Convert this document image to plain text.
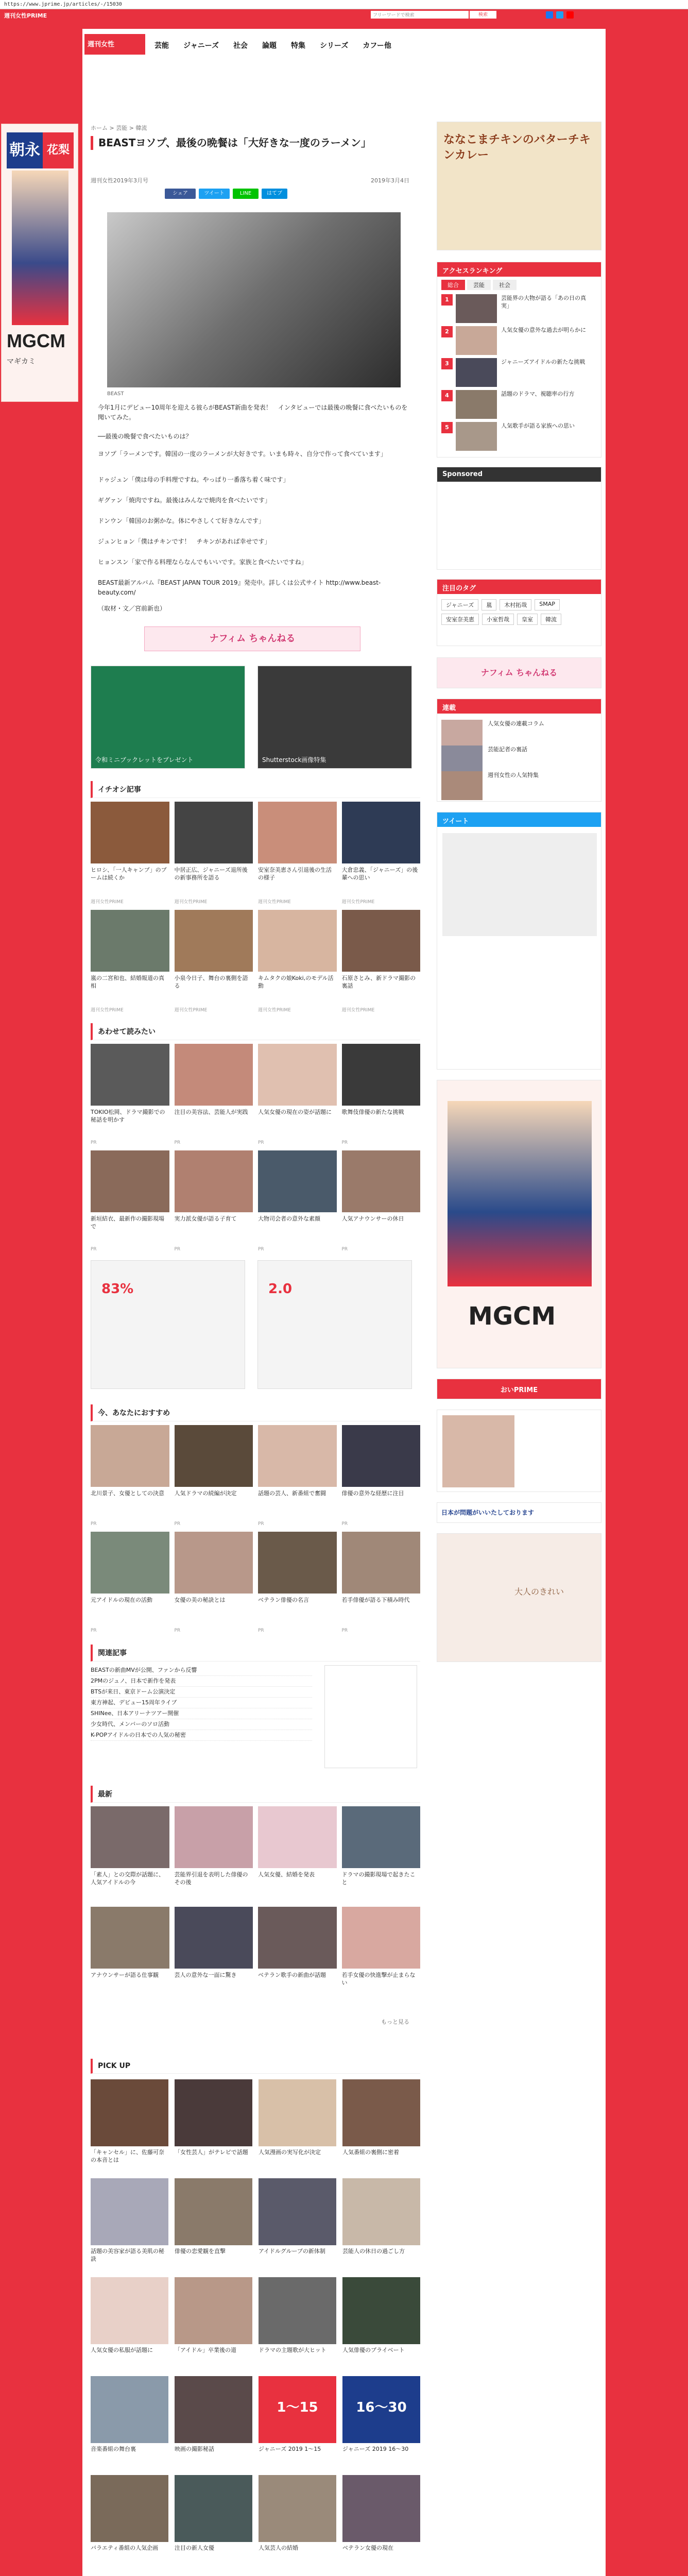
https://www.jprime.jp/articles/-/15030
週刊女性PRIME	フリーワードで検索	検索
週刊女性	芸能 ジャニーズ 社会 論題 特集 シリーズ カフー他
朝永 花梨
MGCM
マギカミ
ホーム > 芸能 > 韓流
BEASTヨソプ、最後の晩餐は「大好きな一度のラーメン」
週刊女性2019年3月号	2019年3月4日
シェア	ツイート	LINE	はてブ
BEAST

今年1月にデビュー10周年を迎える彼らがBEAST新曲を発表！　インタビューでは最後の晩餐に食べたいものを聞いてみた。

──最後の晩餐で食べたいものは？

ヨソプ「ラーメンです。韓国の一度のラーメンが大好きです。いまも時々、自分で作って食べています」

ドゥジュン「僕は母の手料理ですね。やっぱり一番落ち着く味です」

ギグァン「焼肉ですね。最後はみんなで焼肉を食べたいです」

ドンウン「韓国のお粥かな。体にやさしくて好きなんです」

ジュンヒョン「僕はチキンです！　チキンがあれば幸せです」

ヒョンスン「家で作る料理ならなんでもいいです。家族と食べたいですね」

BEAST最新アルバム『BEAST JAPAN TOUR 2019』発売中。詳しくは公式サイト http://www.beast-beauty.com/

（取材・文／宮前新也）

ナフィム ちゃんねる
令和ミニブックレットをプレゼント	Shutterstock画像特集
イチオシ記事
ヒロシ、「一人キャンプ」のブームは続くか
週刊女性PRIME
中居正広、ジャニーズ退所後の新事務所を語る
週刊女性PRIME
安室奈美恵さん引退後の生活の様子
週刊女性PRIME
大倉忠義、「ジャニーズ」の後輩への思い
週刊女性PRIME
嵐の二宮和也、結婚報道の真相
週刊女性PRIME
小泉今日子、舞台の裏側を語る
週刊女性PRIME
キムタクの娘Koki,のモデル活動
週刊女性PRIME
石原さとみ、新ドラマ撮影の裏話
週刊女性PRIME
あわせて読みたい
TOKIO松岡、ドラマ撮影での秘話を明かす
PR
注目の美容法、芸能人が実践
PR
人気女優の現在の姿が話題に
PR
歌舞伎俳優の新たな挑戦
PR
新垣結衣、最新作の撮影現場で
PR
実力派女優が語る子育て
PR
大物司会者の意外な素顔
PR
人気アナウンサーの休日
PR
83%	2.0
今、あなたにおすすめ
北川景子、女優としての決意
PR
人気ドラマの続編が決定
PR
話題の芸人、新番組で奮闘
PR
俳優の意外な経歴に注目
PR
元アイドルの現在の活動
PR
女優の美の秘訣とは
PR
ベテラン俳優の名言
PR
若手俳優が語る下積み時代
PR
関連記事
BEASTの新曲MVが公開、ファンから反響
2PMのジュノ、日本で新作を発表
BTSが来日、東京ドーム公演決定
東方神起、デビュー15周年ライブ
SHINee、日本アリーナツアー開催
少女時代、メンバーのソロ活動
K-POPアイドルの日本での人気の秘密
最新
「素人」との交際が話題に、人気アイドルの今
芸能界引退を表明した俳優のその後
人気女優、結婚を発表	ドラマの撮影現場で起きたこと
アナウンサーが語る仕事観	芸人の意外な一面に驚き	ベテラン歌手の新曲が話題	若手女優の快進撃が止まらない
もっと見る
PICK UP
「キャンセル」に、佐藤可奈の本音とは
「女性芸人」がテレビで話題	人気漫画の実写化が決定	人気番組の裏側に密着
話題の美容家が語る美肌の秘訣
俳優の恋愛観を直撃	アイドルグループの新体制	芸能人の休日の過ごし方
人気女優の私服が話題に	「アイドル」卒業後の道	ドラマの主題歌が大ヒット	人気俳優のプライベート
音楽番組の舞台裏	映画の撮影秘話
1〜15
ジャニーズ 2019 1〜15
16〜30
ジャニーズ 2019 16〜30
バラエティ番組の人気企画	注目の新人女優	人気芸人の結婚	ベテラン女優の現在
ななこまチキンのバターチキンカレー
アクセスランキング
総合	芸能	社会
1	芸能界の大物が語る「あの日の真実」
2	人気女優の意外な過去が明らかに
3	ジャニーズアイドルの新たな挑戦
4	話題のドラマ、視聴率の行方
5	人気歌手が語る家族への思い
Sponsored
注目のタグ
ジャニーズ	嵐	木村拓哉	SMAP
安室奈美恵	小室哲哉	皇室	韓流
ナフィム ちゃんねる
連載
人気女優の連載コラム
芸能記者の裏話
週刊女性の人気特集
ツイート
MGCM
おいPRIME
日本が問題がいいたしております
大人のきれい
